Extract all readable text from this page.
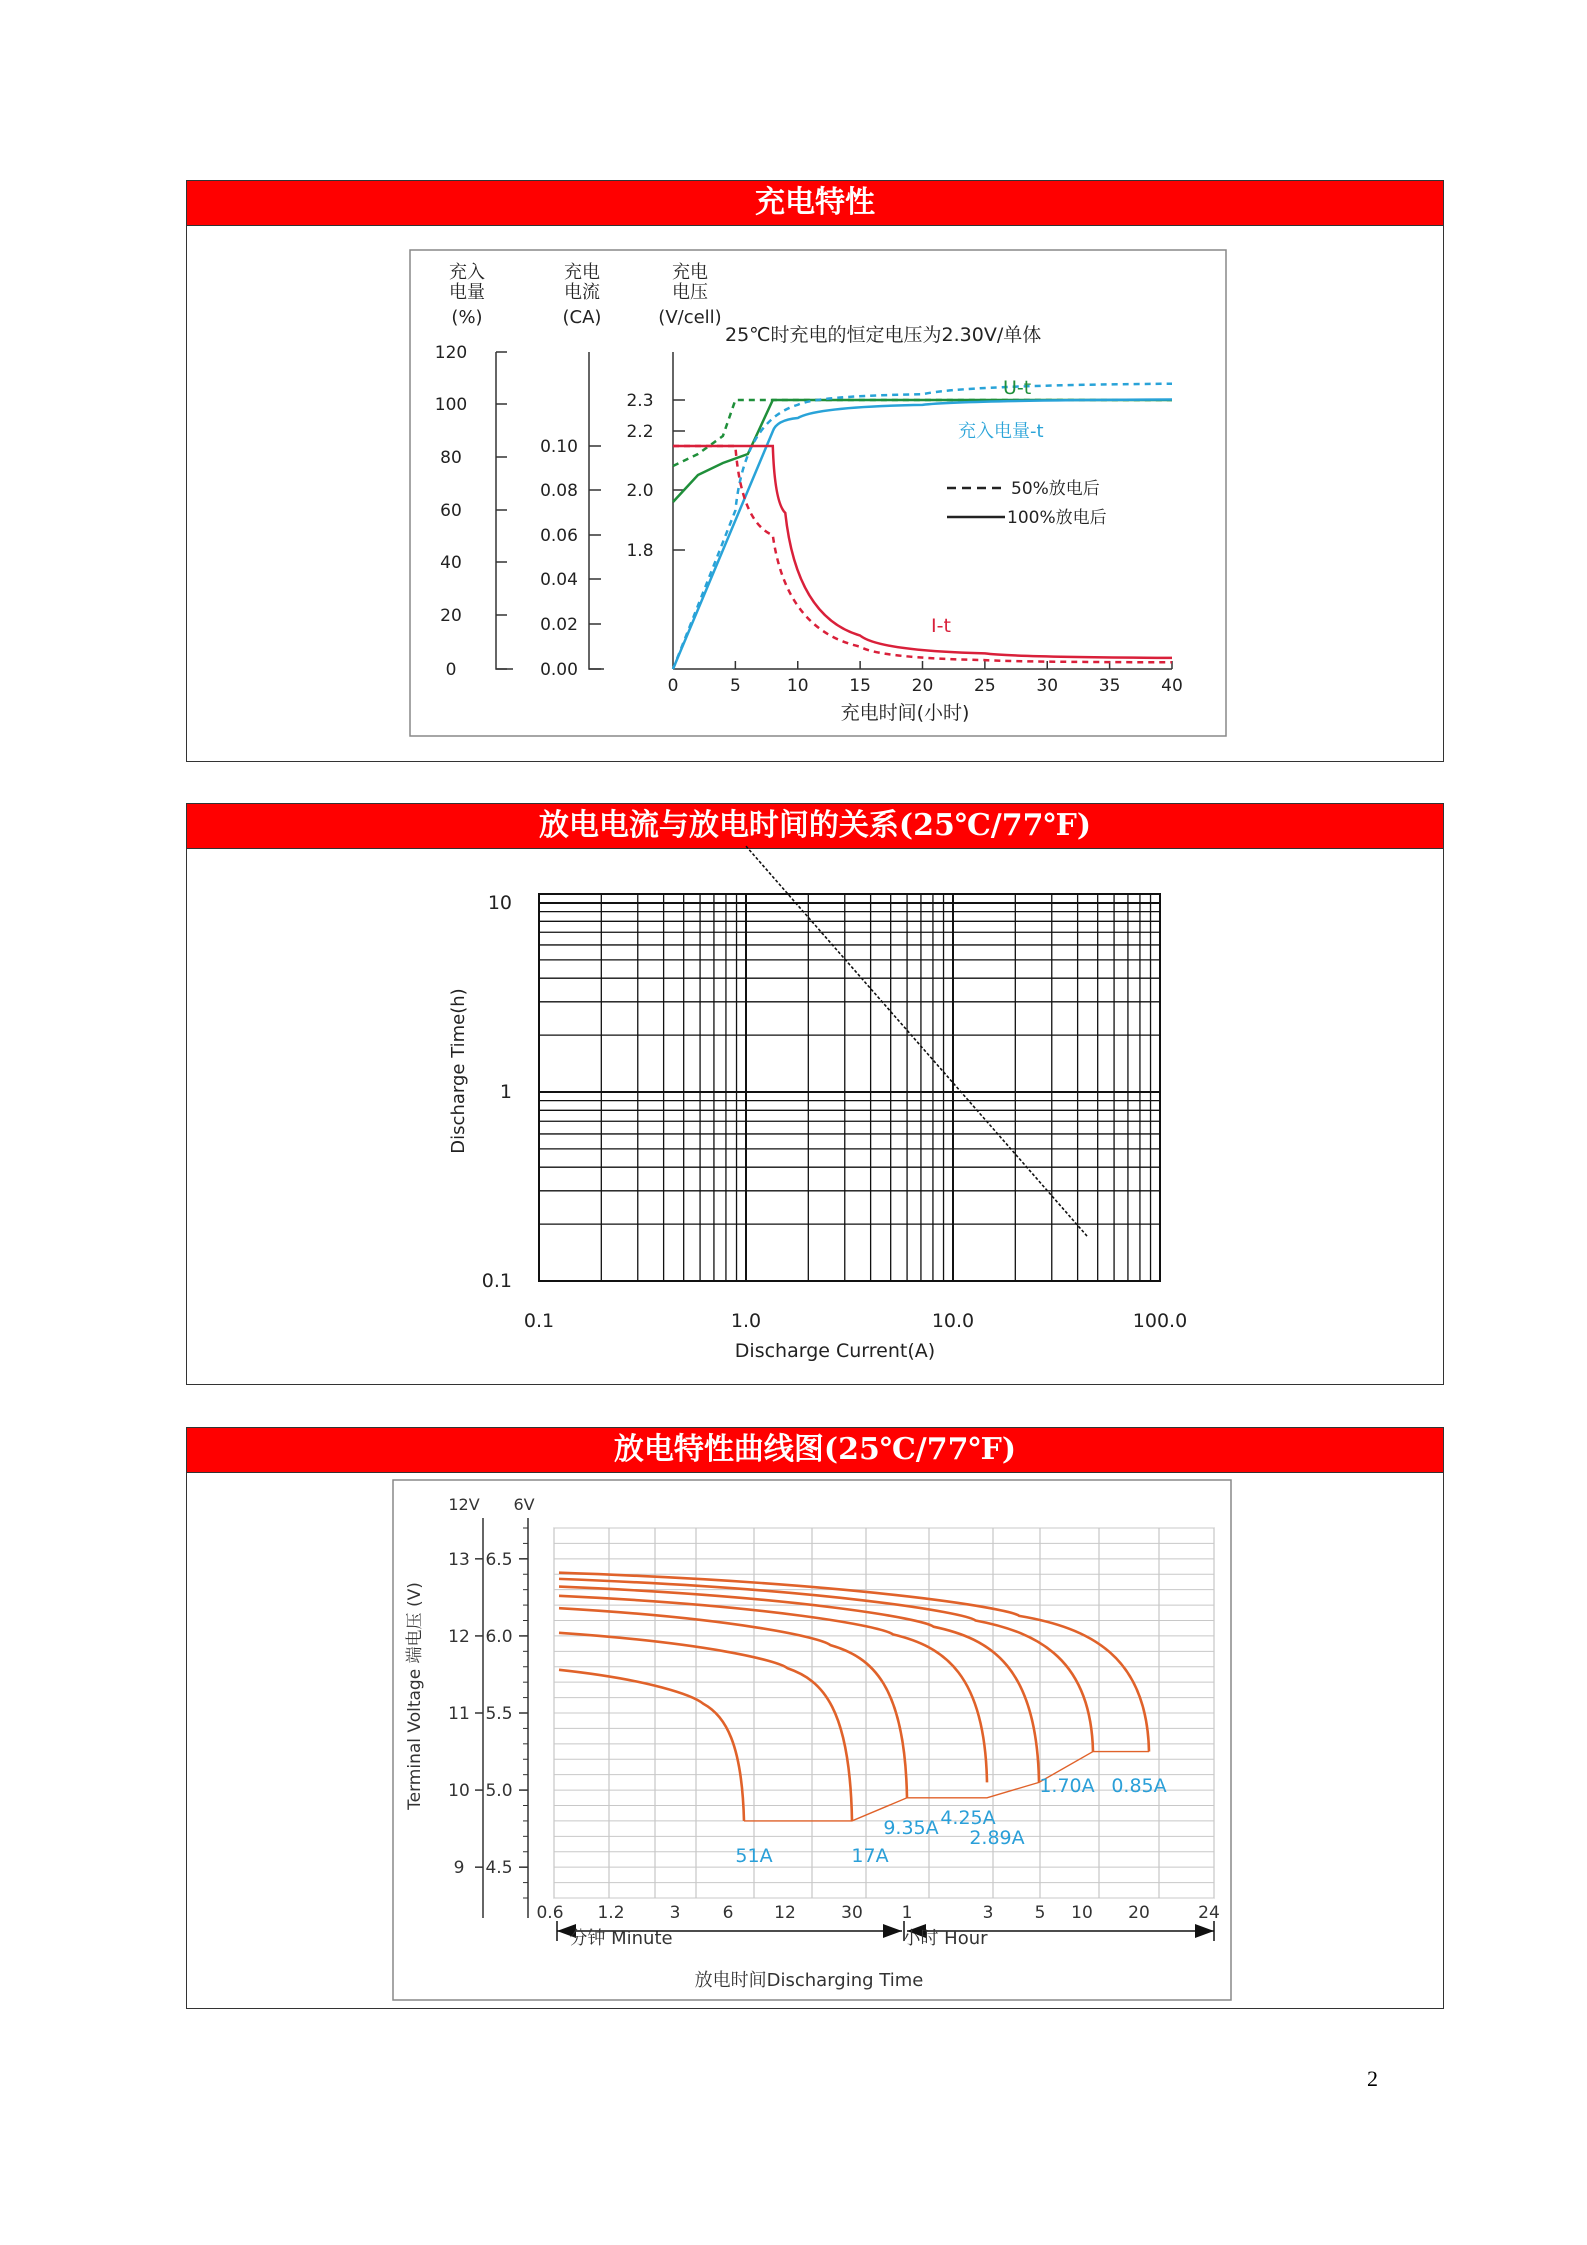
充电特性
充入
电量
(%)
充电
电流
(CA)
充电
电压
(V/cell)
25℃时充电的恒定电压为2.30V/单体
120
100
80
60
40
20
0
0.10
0.08
0.06
0.04
0.02
0.00
2.3
2.2
2.0
1.8
0	5	10 15 20 25 30 35 40
充电时间(小时)
U-t
充入电量-t
I-t
50%放电后
100%放电后
放电电流与放电时间的关系(25℃/77℉)
10
1
0.1
0.1	1.0	10.0	100.0
Discharge Time(h)
Discharge Current(A)
放电特性曲线图(25℃/77℉)
12V 6V
Terminal Voltage 端电压 (V)
6.5
13
6.0
12
5.5
11
5.0
10
4.5
9
0.6 1.2	3 6 12	30 1	3 5 10 20	24
51A	17A
9.35A 4.25A
2.89A
1.70A 0.85A
分钟 Minute	小时 Hour
放电时间Discharging Time
2
